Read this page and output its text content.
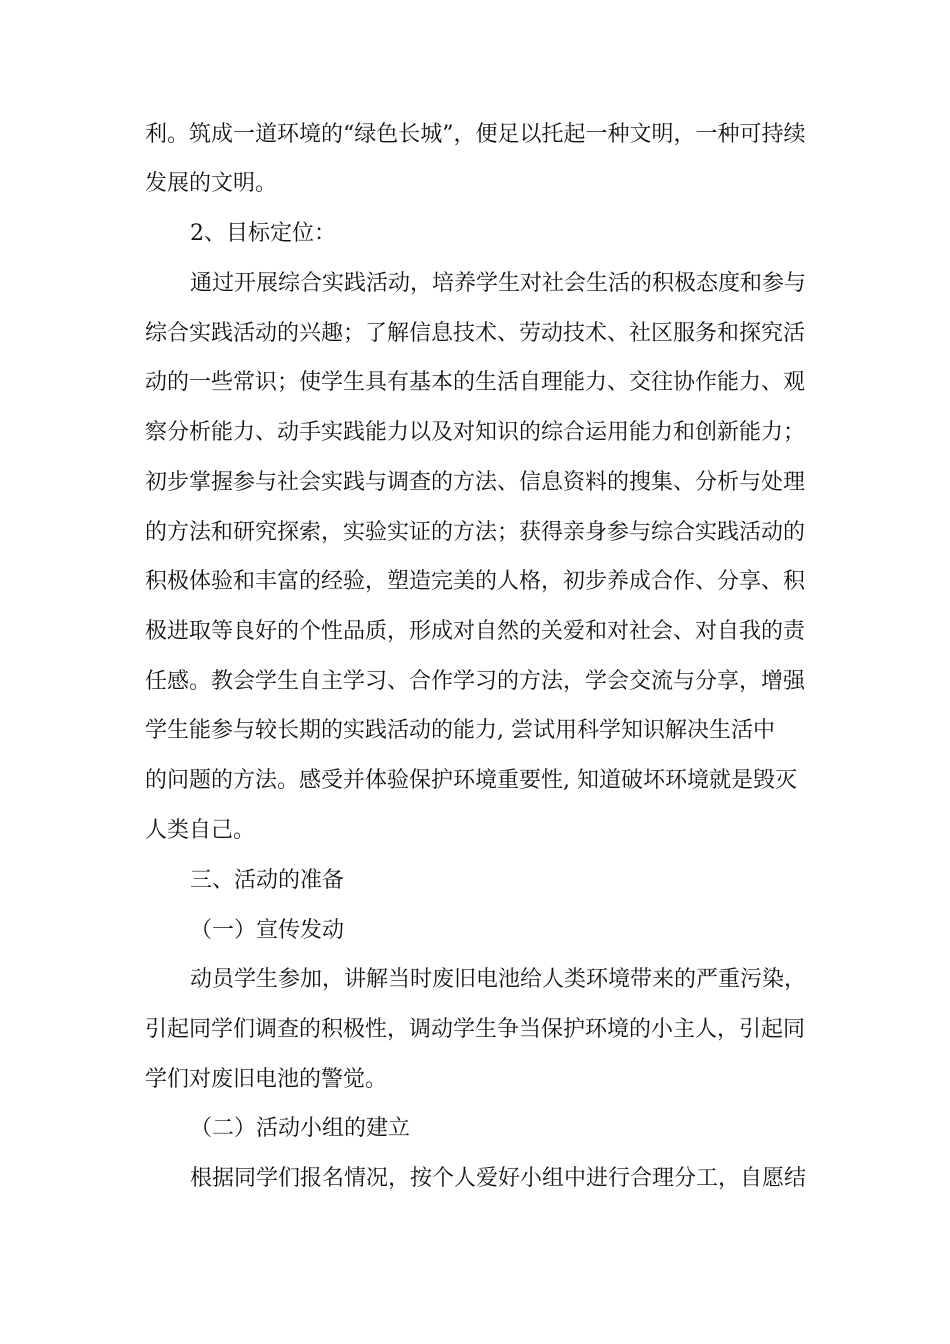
利。筑成一道环境的“绿色长城”，便足以托起一种文明，一种可持续
发展的文明。
2、目标定位：
通过开展综合实践活动，培养学生对社会生活的积极态度和参与
综合实践活动的兴趣；了解信息技术、劳动技术、社区服务和探究活
动的一些常识；使学生具有基本的生活自理能力、交往协作能力、观
察分析能力、动手实践能力以及对知识的综合运用能力和创新能力；
初步掌握参与社会实践与调查的方法、信息资料的搜集、分析与处理
的方法和研究探索，实验实证的方法；获得亲身参与综合实践活动的
积极体验和丰富的经验，塑造完美的人格，初步养成合作、分享、积
极进取等良好的个性品质，形成对自然的关爱和对社会、对自我的责
任感。教会学生自主学习、合作学习的方法，学会交流与分享，增强
学生能参与较长期的实践活动的能力, 尝试用科学知识解决生活中
的问题的方法。感受并体验保护环境重要性, 知道破坏环境就是毁灭
人类自己。
三、活动的准备
（一）宣传发动
动员学生参加，讲解当时废旧电池给人类环境带来的严重污染，
引起同学们调查的积极性，调动学生争当保护环境的小主人，引起同
学们对废旧电池的警觉。
（二）活动小组的建立
根据同学们报名情况，按个人爱好小组中进行合理分工，自愿结
